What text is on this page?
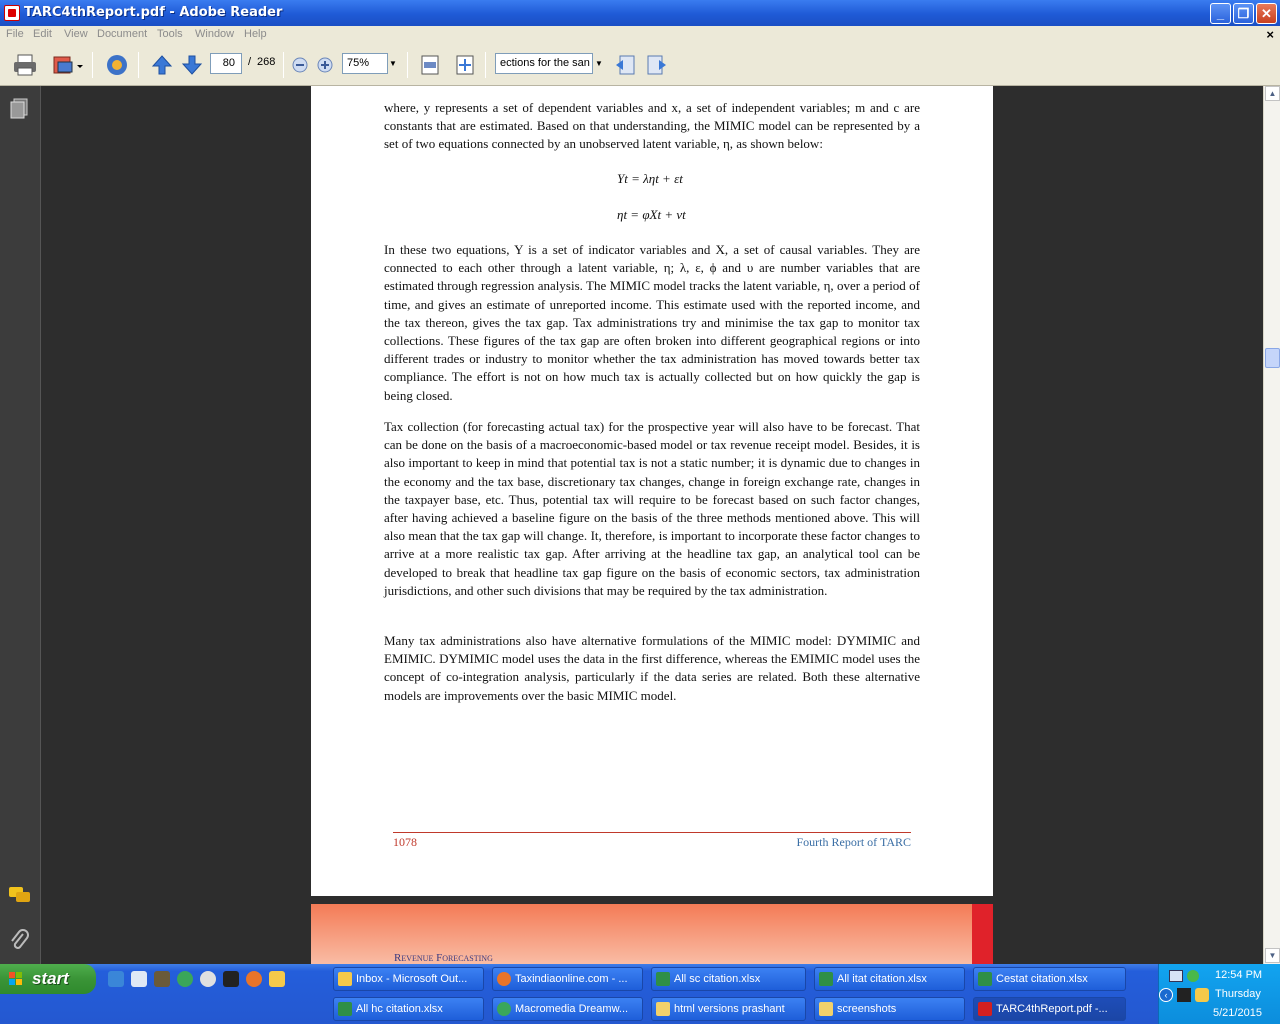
TARC4thReport.pdf - Adobe Reader	_	❐ ✕
File Edit View Document Tools Window Help	×
80	/ 268	75%	▼	ections for the san ▼
where, y represents a set of dependent variables and x, a set of independent variables; m and c are constants that are estimated. Based on that understanding, the MIMIC model can be represented by a set of two equations connected by an unobserved latent variable, η, as shown below:
Yt = ληt + εt
ηt = φXt + νt
In these two equations, Y is a set of indicator variables and X, a set of causal variables. They are connected to each other through a latent variable, η; λ, ε, ϕ and υ are number variables that are estimated through regression analysis. The MIMIC model tracks the latent variable, η, over a period of time, and gives an estimate of unreported income. This estimate used with the reported income, and the tax thereon, gives the tax gap. Tax administrations try and minimise the tax gap to monitor tax collections. These figures of the tax gap are often broken into different geographical regions or into different trades or industry to monitor whether the tax administration has moved towards better tax compliance. The effort is not on how much tax is actually collected but on how quickly the gap is being closed.
Tax collection (for forecasting actual tax) for the prospective year will also have to be forecast. That can be done on the basis of a macroeconomic-based model or tax revenue receipt model. Besides, it is also important to keep in mind that potential tax is not a static number; it is dynamic due to changes in the economy and the tax base, discretionary tax changes, change in foreign exchange rate, changes in the taxpayer base, etc. Thus, potential tax will require to be forecast based on such factor changes, after having achieved a baseline figure on the basis of the three methods mentioned above. This will also mean that the tax gap will change. It, therefore, is important to incorporate these factor changes to arrive at a more realistic tax gap. After arriving at the headline tax gap, an analytical tool can be developed to break that headline tax gap figure on the basis of economic sectors, tax administration jurisdictions, and other such divisions that may be required by the tax administration.
Many tax administrations also have alternative formulations of the MIMIC model: DYMIMIC and EMIMIC. DYMIMIC model uses the data in the first difference, whereas the EMIMIC model uses the concept of co-integration analysis, particularly if the data series are related. Both these alternative models are improvements over the basic MIMIC model.
1078	Fourth Report of TARC
Revenue Forecasting
▲
▼
start	Inbox - Microsoft Out...	Taxindiaonline.com - ...	All sc citation.xlsx	All itat citation.xlsx	Cestat citation.xlsx
All hc citation.xlsx	Macromedia Dreamw...	html versions prashant	screenshots	TARC4thReport.pdf -...
‹
12:54 PM
Thursday
5/21/2015
